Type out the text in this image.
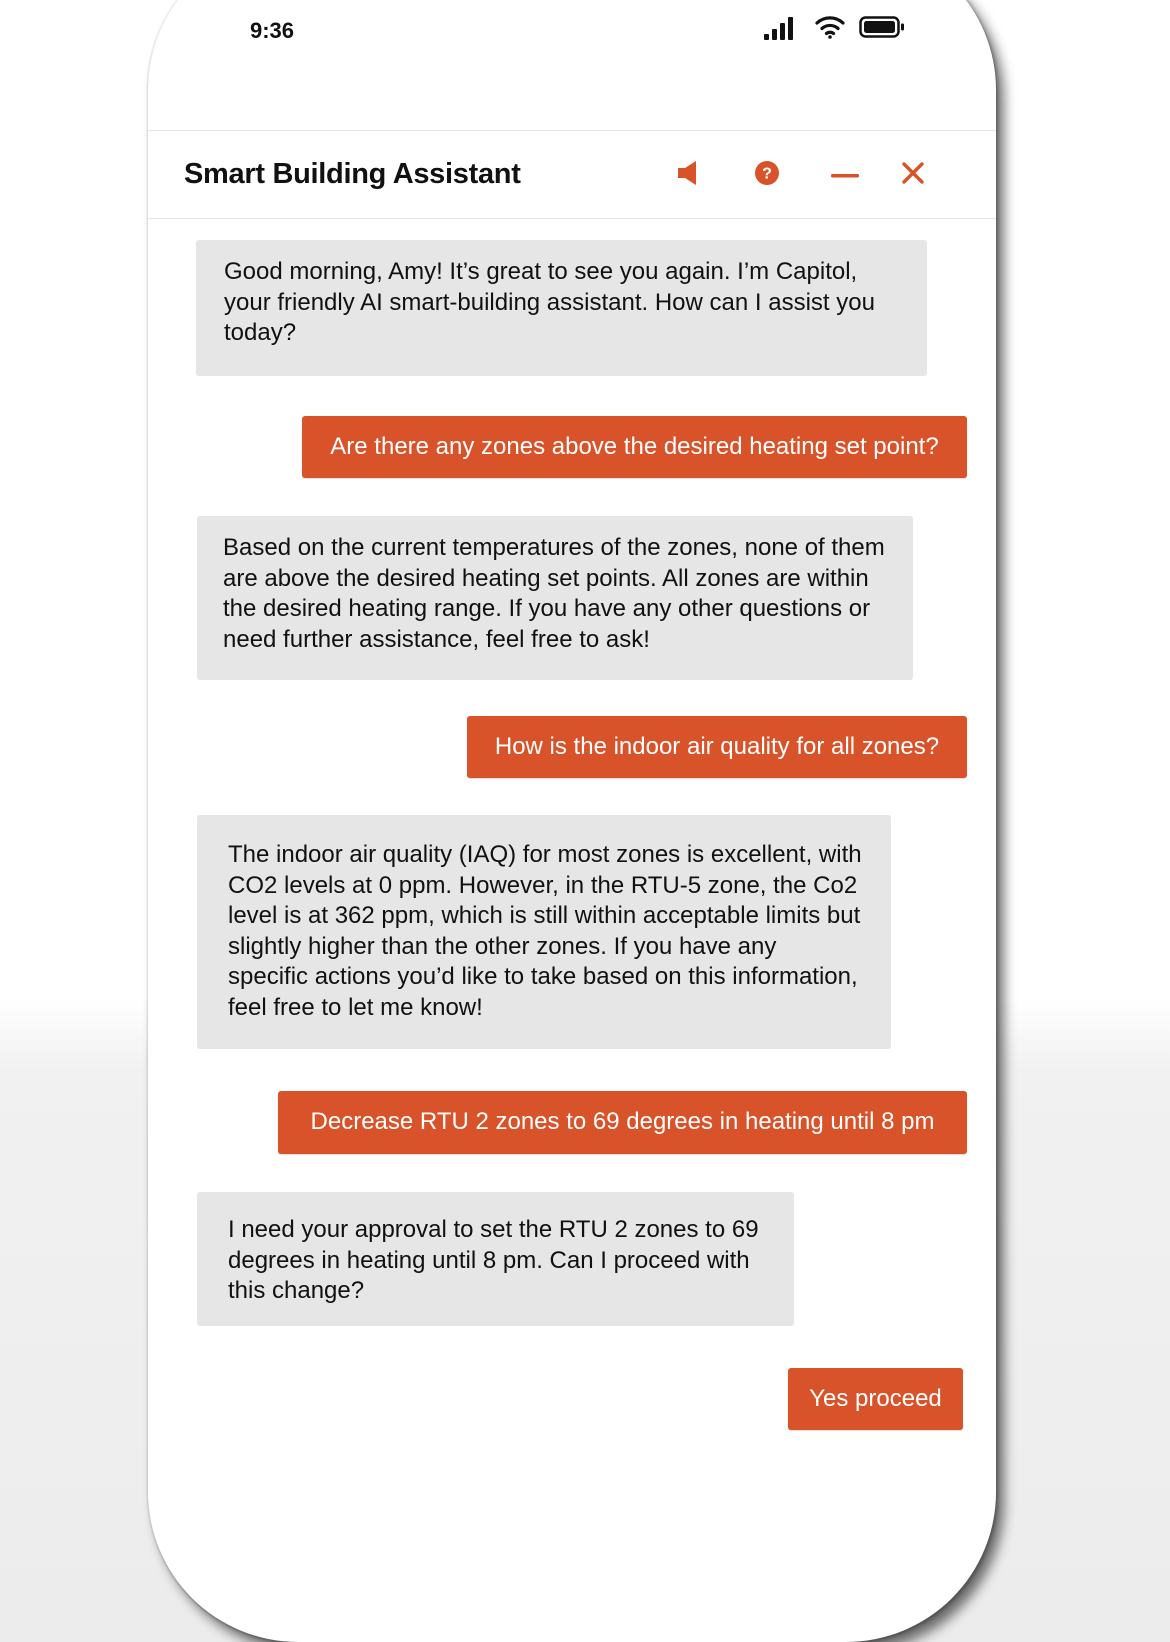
9:36
Smart Building Assistant	?
Good morning, Amy! It’s great to see you again. I’m Capitol, your friendly AI smart-building assistant. How can I assist you today?
Are there any zones above the desired heating set point?
Based on the current temperatures of the zones, none of them are above the desired heating set points. All zones are within the desired heating range. If you have any other questions or need further assistance, feel free to ask!
How is the indoor air quality for all zones?
The indoor air quality (IAQ) for most zones is excellent, with CO2 levels at 0 ppm. However, in the RTU-5 zone, the Co2 level is at 362 ppm, which is still within acceptable limits but slightly higher than the other zones. If you have any specific actions you’d like to take based on this information, feel free to let me know!
Decrease RTU 2 zones to 69 degrees in heating until 8 pm
I need your approval to set the RTU 2 zones to 69 degrees in heating until 8 pm. Can I proceed with this change?
Yes proceed
